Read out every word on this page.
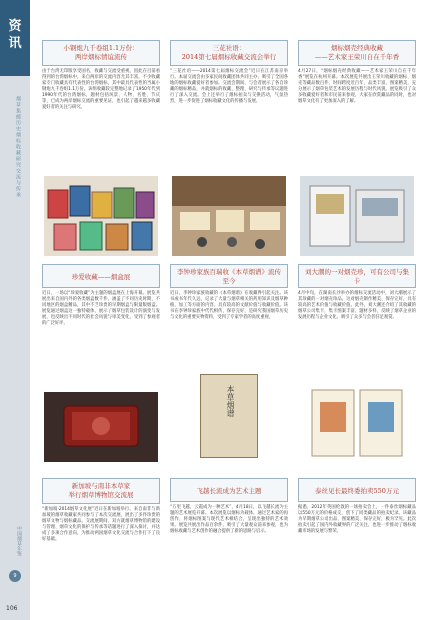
资讯
烟草集邮历史烟标收藏研究交流与传承
中国烟草年鉴
9
106
小钢炮九千卷组1.1万份：
两岸烟标情谊流传
由于台湾无印版享受国名，收藏与交流受重视，因此在目前看得到的台湾烟标中，来自两岸的交流内容尤其丰富，不少收藏家专门收藏具有代表性的台湾烟标，其中最具代表性的当属小钢炮九千卷组1.1万份。该组收藏较完整地记录了1950年代到1990年代的台湾烟标，题材包括风景、人物、名胜、节庆等，已成为两岸烟标交流的重要见证，也引起了越来越多收藏爱好者的关注与研究。
三花社语：
2014第七届烟标收藏交流会举行
“三花社语——2014第七届烟标交流会”近日在江苏南京举行。本届交流会由多家民间收藏团体共同主办，吸引了全国各地的烟标收藏爱好者参加。交流会期间，与会者展示了各自珍藏的烟标精品，并就烟标的收藏、整理、研究与传承等议题进行了深入交流。会上还举行了烟标拍卖与交换活动，气氛热烈，进一步促进了烟标收藏文化的传播与发展。
烟标烟壳经典收藏
——艺术家王荣川自在千年香
4月27日，“烟标烟壳经典收藏——艺术家王荣川自在千年香”展览在杭州开幕。本次展览共展出王荣川收藏的烟标、烟壳等藏品数百件，时间跨度近百年，品类丰富，图案精美，充分展示了烟草包装艺术的发展历程与时代风貌。展览吸引了众多收藏爱好者和市民前来参观，大家在欣赏藏品的同时，也对烟草文化有了更加深入的了解。
珍爱收藏——烟盒展
近日，一场以“珍爱收藏”为主题的烟盒展在上海开幕。展览共展出来自国内外的各类烟盒数千件，涵盖了不同历史时期、不同地区的烟盒精品，其中不乏珍贵的早期烟盒与限量版烟盒。展览通过烟盒这一独特载体，展示了烟草包装设计的演变与发展，也反映出不同时代的社会风貌与审美变化，受到了参观者的广泛好评。
李钟珍家族百瑞收《本草烟谱》流传至今
近日，李钟珍家族收藏的《本草烟谱》在收藏界引起关注。该书成书年代久远，记录了大量与烟草相关的药用知识及烟草种植、加工等方面的内容，具有较高的文献价值与收藏价值。该书在李钟珍家族中代代相传，保存完好，是研究我国烟草历史与文化的重要实物资料，受到了专家学者的高度重视。
刘大潮的一对烟壳珍，可有公司与集卡
4月中旬，在湖南长沙举办的烟标交流活动中，刘大潮展示了其珍藏的一对烟壳珍品。这对烟壳制作精美、保存完好，具有较高的艺术价值与收藏价值。此外，刘大潮还介绍了其收藏的烟草公司集卡，集卡图案丰富、题材多样，反映了烟草企业的发展历程与企业文化，吸引了众多与会者驻足观赏。
本草烟谱
新加坡与南非本草家
举行烟草博物馆交流展
“新加坡·2014烟草文化展”近日在新加坡举行。来自南非与新加坡的烟草收藏家共同参与了本次交流展，展出了多件珍贵的烟草文物与烟标藏品。交流展期间，双方就烟草博物馆的建设与管理、烟草文化的保护与传承等话题进行了深入探讨，并达成了多项合作意向，为推动两国烟草文化交流与合作打下了良好基础。
飞越长流成为艺术主题
“万里飞越，云霞成为一种艺术”，4月18日，以飞越长流为主题的艺术展览开幕。本次展览以烟标为载体，通过艺术家的再创作，将烟标图案与现代艺术相结合，呈现出独特的艺术效果。展览共展出作品百余件，吸引了大量观众前来参观，也为烟标收藏与艺术创作的融合提供了新的思路与启示。
泰丝见长最终委拍卖550万元
据悉，2012年英国伦敦的一场拍卖会上，一件泰丝烟标藏品以550万元的价格成交，创下了同类藏品的拍卖纪录。该藏品为早期烟草公司出品，图案精美、保存完好，极为罕见。此次拍卖引起了国内外收藏界的广泛关注，也进一步推动了烟标收藏市场的发展与繁荣。
